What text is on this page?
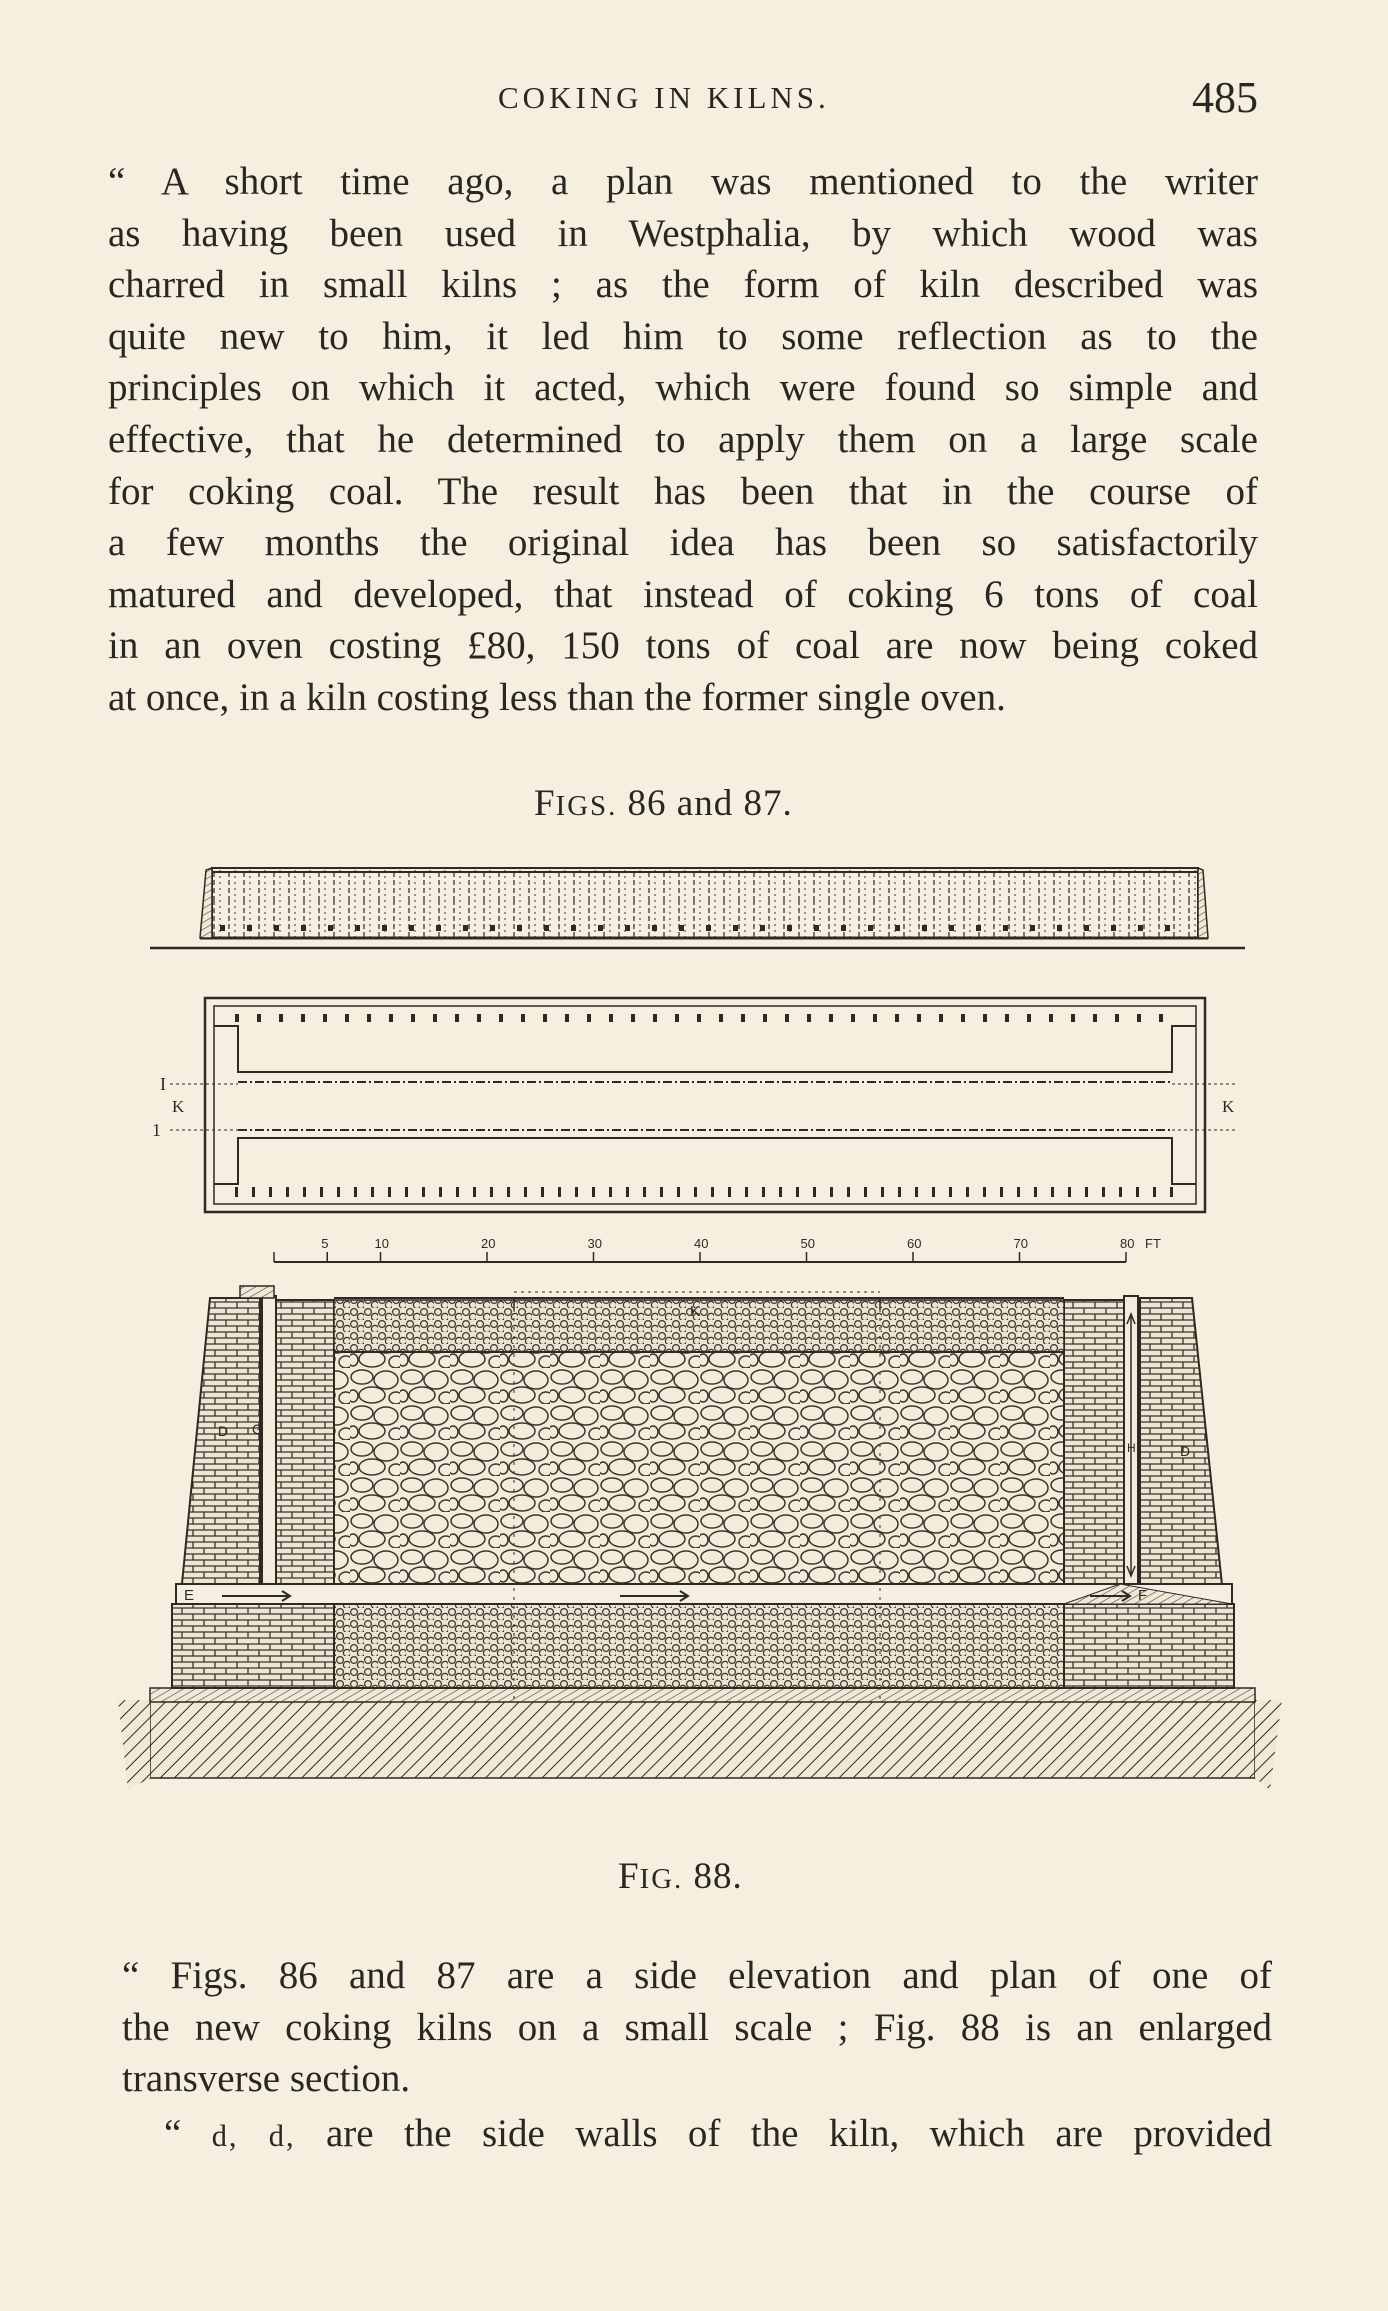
COKING IN KILNS.	485
“ A short time ago, a plan was mentioned to the writer
as having been used in Westphalia, by which wood was
charred in small kilns ; as the form of kiln described was
quite new to him, it led him to some reflection as to the
principles on which it acted, which were found so simple and
effective, that he determined to apply them on a large scale
for coking coal. The result has been that in the course of
a few months the original idea has been so satisfactorily
matured and developed, that instead of coking 6 tons of coal
in an oven costing £80, 150 tons of coal are now being coked
at once, in a kiln costing less than the former single oven.
FIGS. 86 and 87.
I
K
1
K
5	10	20	30	40	50	60	70	80 FT
K
D G
E
H	D
F
FIG. 88.
“ Figs. 86 and 87 are a side elevation and plan of one of
the new coking kilns on a small scale ; Fig. 88 is an enlarged
transverse section.
“ d, d, are the side walls of the kiln, which are provided
